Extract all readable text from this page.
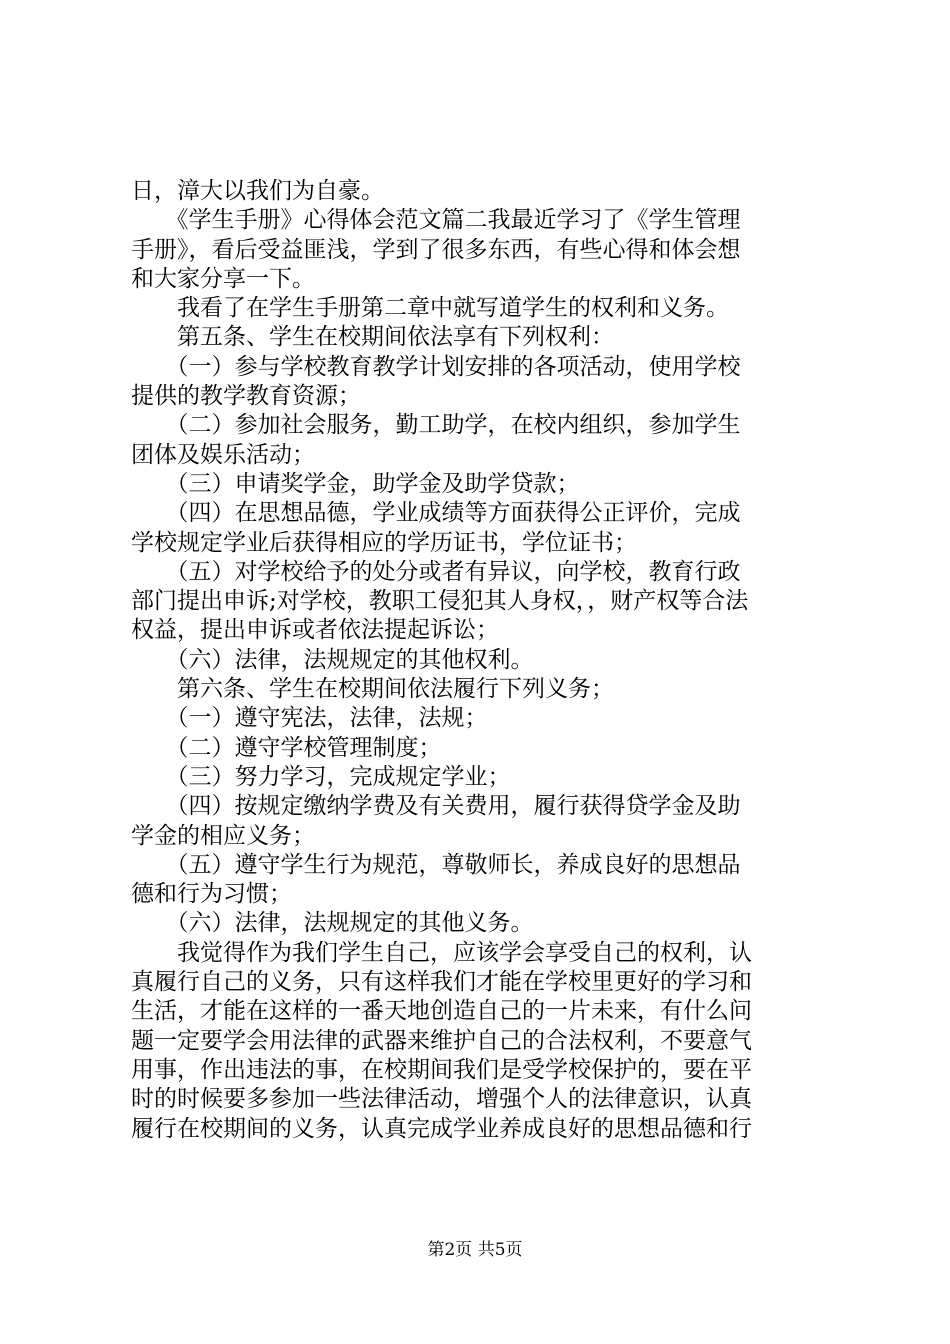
日，漳大以我们为自豪。
　　《学生手册》心得体会范文篇二我最近学习了《学生管理
手册》，看后受益匪浅，学到了很多东西，有些心得和体会想
和大家分享一下。
　　我看了在学生手册第二章中就写道学生的权利和义务。
　　第五条、学生在校期间依法享有下列权利：
　　（一）参与学校教育教学计划安排的各项活动，使用学校
提供的教学教育资源；
　　（二）参加社会服务，勤工助学，在校内组织，参加学生
团体及娱乐活动；
　　（三）申请奖学金，助学金及助学贷款；
　　（四）在思想品德，学业成绩等方面获得公正评价，完成
学校规定学业后获得相应的学历证书，学位证书；
　　（五）对学校给予的处分或者有异议，向学校，教育行政
部门提出申诉;对学校，教职工侵犯其人身权，，财产权等合法
权益，提出申诉或者依法提起诉讼；
　　（六）法律，法规规定的其他权利。
　　第六条、学生在校期间依法履行下列义务；
　　（一）遵守宪法，法律，法规；
　　（二）遵守学校管理制度；
　　（三）努力学习，完成规定学业；
　　（四）按规定缴纳学费及有关费用，履行获得贷学金及助
学金的相应义务；
　　（五）遵守学生行为规范，尊敬师长，养成良好的思想品
德和行为习惯；
　　（六）法律，法规规定的其他义务。
　　我觉得作为我们学生自己，应该学会享受自己的权利，认
真履行自己的义务，只有这样我们才能在学校里更好的学习和
生活，才能在这样的一番天地创造自己的一片未来，有什么问
题一定要学会用法律的武器来维护自己的合法权利，不要意气
用事，作出违法的事，在校期间我们是受学校保护的，要在平
时的时候要多参加一些法律活动，增强个人的法律意识，认真
履行在校期间的义务，认真完成学业养成良好的思想品德和行
第2页 共5页
